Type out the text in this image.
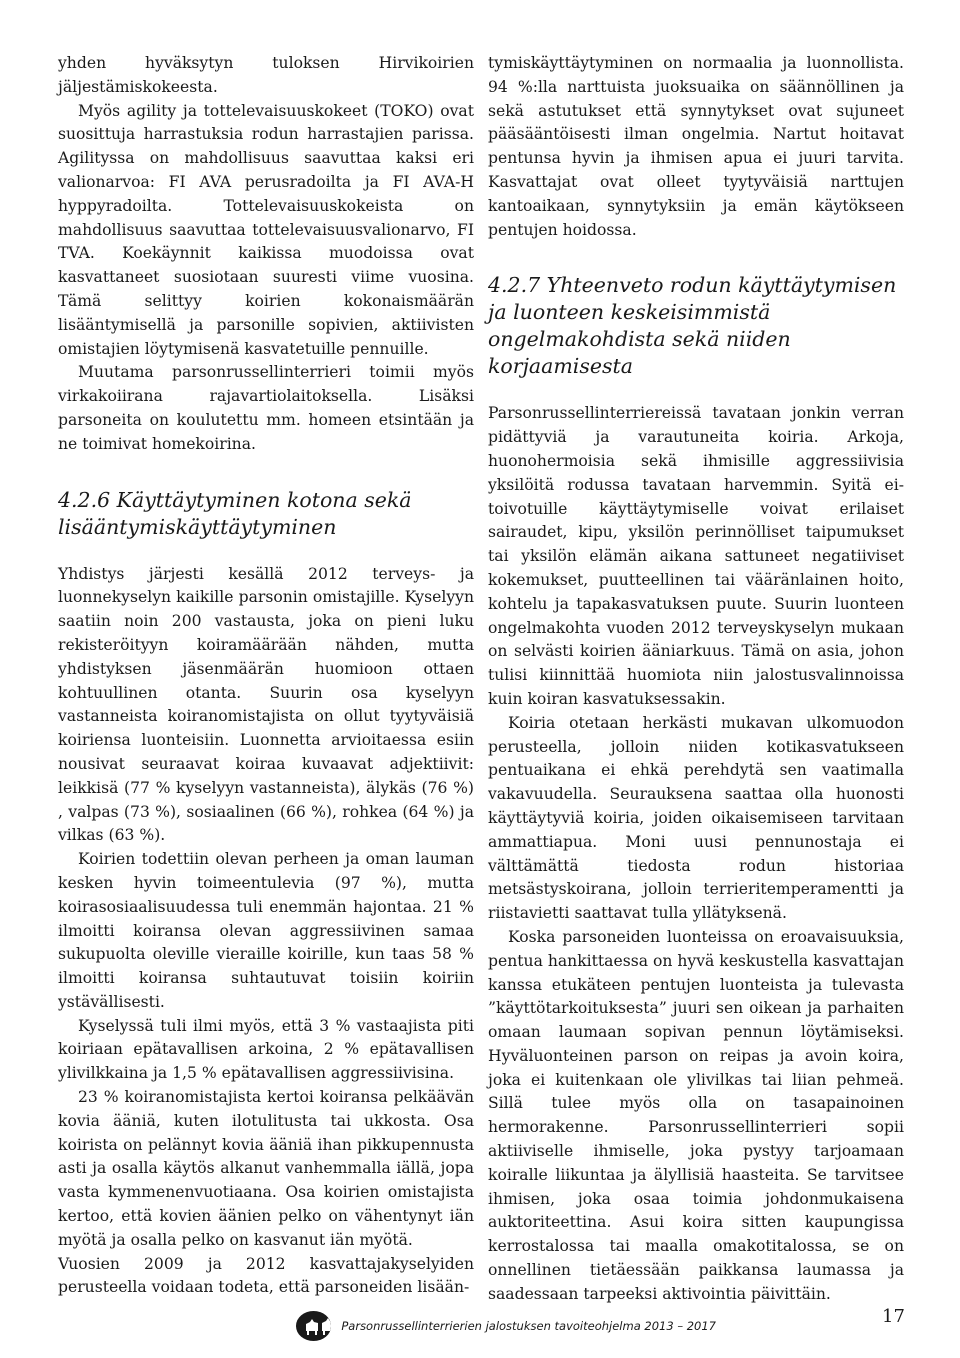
yhden hyväksytyn tuloksen Hirvikoirien jäljestämiskokeesta.

Myös agility ja tottelevaisuuskokeet (TOKO) ovat suosittuja harrastuksia rodun harrastajien parissa. Agilityssa on mahdollisuus saavuttaa kaksi eri valionarvoa: FI AVA perusradoilta ja FI AVA-H hyppyradoilta. Tottelevaisuuskokeista on mahdollisuus saavuttaa tottelevaisuusvalionarvo, FI TVA. Koekäynnit kaikissa muodoissa ovat kasvattaneet suosiotaan suuresti viime vuosina. Tämä selittyy koirien kokonaismäärän lisääntymisellä ja parsonille sopivien, aktiivisten omistajien löytymisenä kasvatetuille pennuille.

Muutama parsonrussellinterrieri toimii myös virkakoiirana rajavartiolaitoksella. Lisäksi parsoneita on koulutettu mm. homeen etsintään ja ne toimivat homekoirina.

4.2.6 Käyttäytyminen kotona sekä lisääntymiskäyttäytyminen

Yhdistys järjesti kesällä 2012 terveys- ja luonnekyselyn kaikille parsonin omistajille. Kyselyyn saatiin noin 200 vastausta, joka on pieni luku rekisteröityyn koiramäärään nähden, mutta yhdistyksen jäsenmäärän huomioon ottaen kohtuullinen otanta. Suurin osa kyselyyn vastanneista koiranomistajista on ollut tyytyväisiä koiriensa luonteisiin. Luonnetta arvioitaessa esiin nousivat seuraavat koiraa kuvaavat adjektiivit: leikkisä (77 % kyselyyn vastanneista), älykäs (76 %) , valpas (73 %), sosiaalinen (66 %), rohkea (64 %) ja vilkas (63 %).

Koirien todettiin olevan perheen ja oman lauman kesken hyvin toimeentulevia (97 %), mutta koirasosiaalisuudessa tuli enemmän hajontaa. 21 % ilmoitti koiransa olevan aggressiivinen samaa sukupuolta oleville vieraille koirille, kun taas 58 % ilmoitti koiransa suhtautuvat toisiin koiriin ystävällisesti.

Kyselyssä tuli ilmi myös, että 3 % vastaajista piti koiriaan epätavallisen arkoina, 2 % epätavallisen ylivilkkaina ja 1,5 % epätavallisen aggressiivisina.

23 % koiranomistajista kertoi koiransa pelkäävän kovia ääniä, kuten ilotulitusta tai ukkosta. Osa koirista on pelännyt kovia ääniä ihan pikkupennusta asti ja osalla käytös alkanut vanhemmalla iällä, jopa vasta kymmenenvuotiaana. Osa koirien omistajista kertoo, että kovien äänien pelko on vähentynyt iän myötä ja osalla pelko on kasvanut iän myötä.

Vuosien 2009 ja 2012 kasvattajakyselyiden perusteella voidaan todeta, että parsoneiden lisään-

tymiskäyttäytyminen on normaalia ja luonnollista. 94 %:lla narttuista juoksuaika on säännöllinen ja sekä astutukset että synnytykset ovat sujuneet pääsääntöisesti ilman ongelmia. Nartut hoitavat pentunsa hyvin ja ihmisen apua ei juuri tarvita. Kasvattajat ovat olleet tyytyväisiä narttujen kantoaikaan, synnytyksiin ja emän käytökseen pentujen hoidossa.

4.2.7 Yhteenveto rodun käyttäytymisen ja luonteen keskeisimmistä ongelmakohdista sekä niiden korjaamisesta

Parsonrussellinterriereissä tavataan jonkin verran pidättyviä ja varautuneita koiria. Arkoja, huonohermoisia sekä ihmisille aggressiivisia yksilöitä rodussa tavataan harvemmin. Syitä ei-toivotuille käyttäytymiselle voivat erilaiset sairaudet, kipu, yksilön perinnölliset taipumukset tai yksilön elämän aikana sattuneet negatiiviset kokemukset, puutteellinen tai vääränlainen hoito, kohtelu ja tapakasvatuksen puute. Suurin luonteen ongelmakohta vuoden 2012 terveyskyselyn mukaan on selvästi koirien ääniarkuus. Tämä on asia, johon tulisi kiinnittää huomiota niin jalostusvalinnoissa kuin koiran kasvatuksessakin.

Koiria otetaan herkästi mukavan ulkomuodon perusteella, jolloin niiden kotikasvatukseen pentuaikana ei ehkä perehdytä sen vaatimalla vakavuudella. Seurauksena saattaa olla huonosti käyttäytyviä koiria, joiden oikaisemiseen tarvitaan ammattiapua. Moni uusi pennunostaja ei välttämättä tiedosta rodun historiaa metsästyskoirana, jolloin terrieritemperamentti ja riistavietti saattavat tulla yllätyksenä.

Koska parsoneiden luonteissa on eroavaisuuksia, pentua hankittaessa on hyvä keskustella kasvattajan kanssa etukäteen pentujen luonteista ja tulevasta ”käyttötarkoituksesta” juuri sen oikean ja parhaiten omaan laumaan sopivan pennun löytämiseksi. Hyväluonteinen parson on reipas ja avoin koira, joka ei kuitenkaan ole ylivilkas tai liian pehmeä. Sillä tulee myös olla on tasapainoinen hermorakenne. Parsonrussellinterrieri sopii aktiiviselle ihmiselle, joka pystyy tarjoamaan koiralle liikuntaa ja älyllisiä haasteita. Se tarvitsee ihmisen, joka osaa toimia johdonmukaisena auktoriteettina. Asui koira sitten kaupungissa kerrostalossa tai maalla omakotitalossa, se on onnellinen tietäessään paikkansa laumassa ja saadessaan tarpeeksi aktivointia päivittäin.

Parsonrussellinterrierien jalostuksen tavoiteohjelma 2013 – 2017	17
